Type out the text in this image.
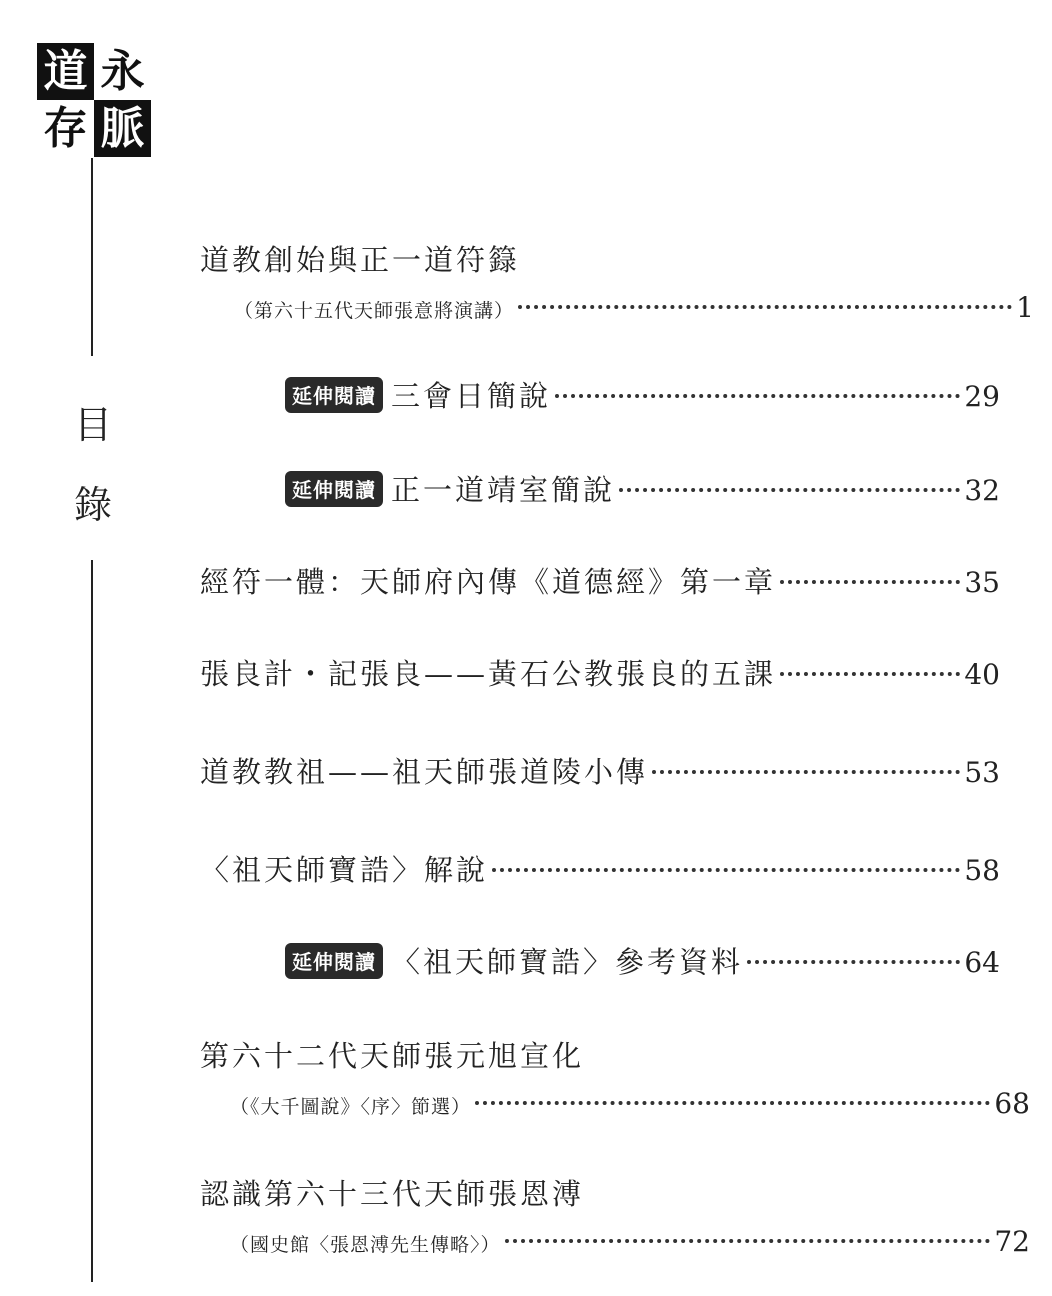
道 永
存 脈
目
錄
道教創始與正一道符籙
（第六十五代天師張意將演講）	1
延伸閱讀 三會日簡說	29
延伸閱讀 正一道靖室簡說	32
經符一體：天師府內傳《道德經》第一章	35
張良計・記張良——黃石公教張良的五課	40
道教教祖——祖天師張道陵小傳	53
〈祖天師寶誥〉解說	58
延伸閱讀 〈祖天師寶誥〉參考資料	64
第六十二代天師張元旭宣化
（《大千圖說》〈序〉節選）	68
認識第六十三代天師張恩溥
（國史館〈張恩溥先生傳略〉）	72
